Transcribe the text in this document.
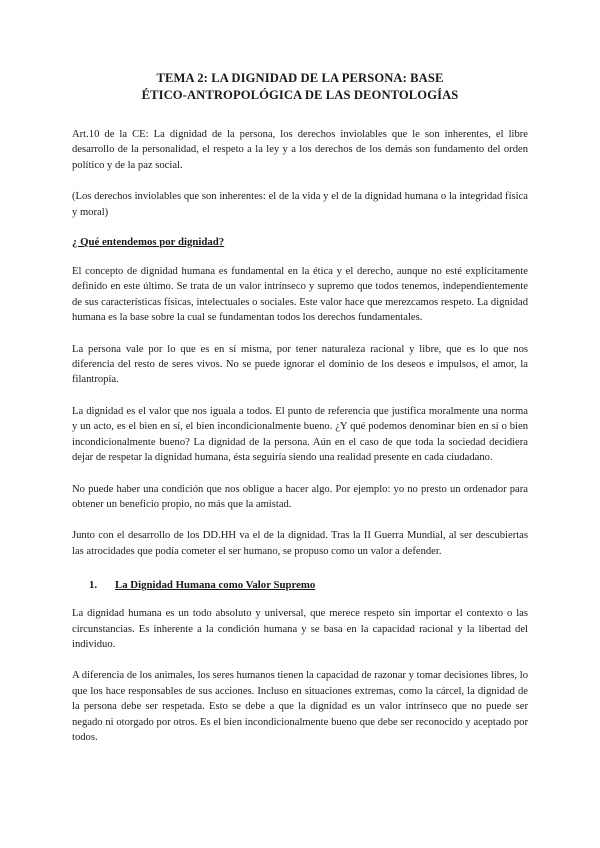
TEMA 2: LA DIGNIDAD DE LA PERSONA: BASE
ÉTICO-ANTROPOLÓGICA DE LAS DEONTOLOGÍAS

Art.10 de la CE: La dignidad de la persona, los derechos inviolables que le son inherentes, el libre desarrollo de la personalidad, el respeto a la ley y a los derechos de los demás son fundamento del orden político y de la paz social.

(Los derechos inviolables que son inherentes: el de la vida y el de la dignidad humana o la integridad física y moral)

¿ Qué entendemos por dignidad?

El concepto de dignidad humana es fundamental en la ética y el derecho, aunque no esté explícitamente definido en este último. Se trata de un valor intrínseco y supremo que todos tenemos, independientemente de sus características físicas, intelectuales o sociales. Este valor hace que merezcamos respeto. La dignidad humana es la base sobre la cual se fundamentan todos los derechos fundamentales.

La persona vale por lo que es en sí misma, por tener naturaleza racional y libre, que es lo que nos diferencia del resto de seres vivos. No se puede ignorar el dominio de los deseos e impulsos, el amor, la filantropía.

La dignidad es el valor que nos iguala a todos. El punto de referencia que justifica moralmente una norma y un acto, es el bien en sí, el bien incondicionalmente bueno. ¿Y qué podemos denominar bien en sí o bien incondicionalmente bueno? La dignidad de la persona. Aún en el caso de que toda la sociedad decidiera dejar de respetar la dignidad humana, ésta seguiría siendo una realidad presente en cada ciudadano.

No puede haber una condición que nos obligue a hacer algo. Por ejemplo: yo no presto un ordenador para obtener un beneficio propio, no más que la amistad.

Junto con el desarrollo de los DD.HH va el de la dignidad. Tras la II Guerra Mundial, al ser descubiertas las atrocidades que podía cometer el ser humano, se propuso como un valor a defender.

1. La Dignidad Humana como Valor Supremo

La dignidad humana es un todo absoluto y universal, que merece respeto sin importar el contexto o las circunstancias. Es inherente a la condición humana y se basa en la capacidad racional y la libertad del individuo.

A diferencia de los animales, los seres humanos tienen la capacidad de razonar y tomar decisiones libres, lo que los hace responsables de sus acciones. Incluso en situaciones extremas, como la cárcel, la dignidad de la persona debe ser respetada. Esto se debe a que la dignidad es un valor intrínseco que no puede ser negado ni otorgado por otros. Es el bien incondicionalmente bueno que debe ser reconocido y aceptado por todos.
